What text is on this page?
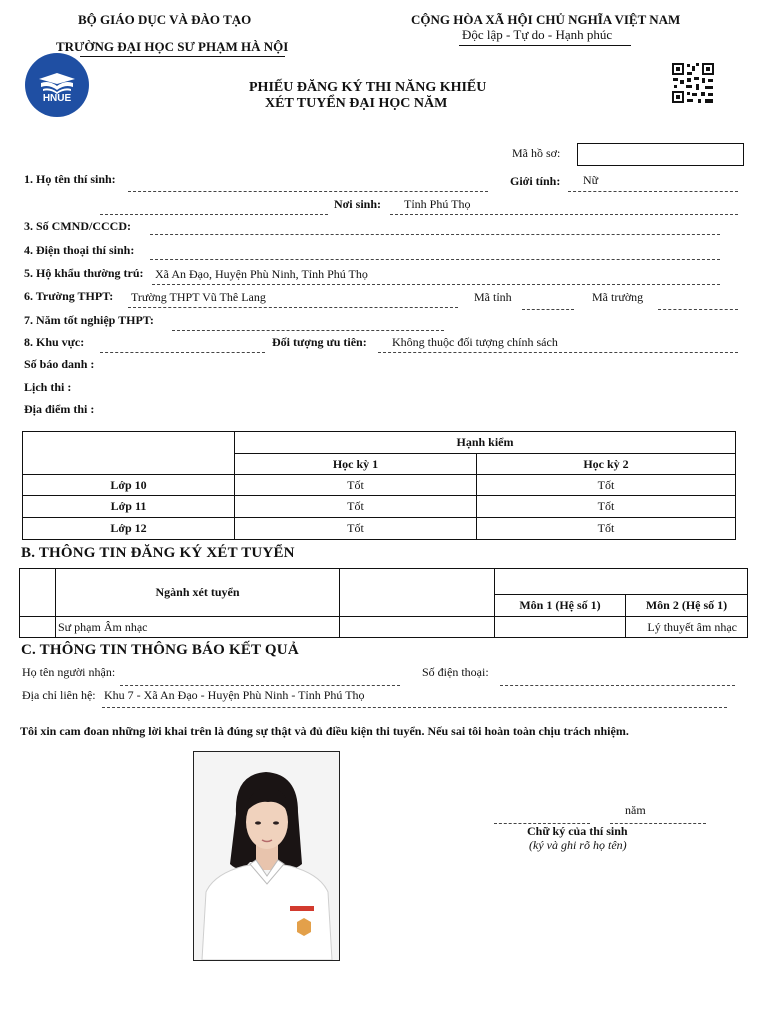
BỘ GIÁO DỤC VÀ ĐÀO TẠO
TRƯỜNG ĐẠI HỌC SƯ PHẠM HÀ NỘI
CỘNG HÒA XÃ HỘI CHỦ NGHĨA VIỆT NAM
Độc lập - Tự do - Hạnh phúc
HNUE
PHIẾU ĐĂNG KÝ THI NĂNG KHIẾU
XÉT TUYỂN ĐẠI HỌC NĂM
Mã hồ sơ:
1. Họ tên thí sinh:	Giới tính: Nữ
Nơi sinh: Tỉnh Phú Thọ
3. Số CMND/CCCD:
4. Điện thoại thí sinh:
5. Hộ khẩu thường trú: Xã An Đạo, Huyện Phù Ninh, Tỉnh Phú Thọ
6. Trường THPT: Trường THPT Vũ Thê Lang	Mã tỉnh	Mã trường
7. Năm tốt nghiệp THPT:
8. Khu vực:	Đối tượng ưu tiên: Không thuộc đối tượng chính sách
Số báo danh :
Lịch thi :
Địa điểm thi :
	Hạnh kiểm	
	Học kỳ 1	Học kỳ 2
Lớp 10	Tốt	Tốt
Lớp 11	Tốt	Tốt
Lớp 12	Tốt	Tốt
B. THÔNG TIN ĐĂNG KÝ XÉT TUYỂN
	Ngành xét tuyển			
			Môn 1 (Hệ số 1)	Môn 2 (Hệ số 1)
	Sư phạm Âm nhạc			Lý thuyết âm nhạc
C. THÔNG TIN THÔNG BÁO KẾT QUẢ
Họ tên người nhận:	Số điện thoại:
Địa chỉ liên hệ: Khu 7 - Xã An Đạo - Huyện Phù Ninh - Tỉnh Phú Thọ
Tôi xin cam đoan những lời khai trên là đúng sự thật và đủ điều kiện thi tuyển. Nếu sai tôi hoàn toàn chịu trách nhiệm.
năm
Chữ ký của thí sinh
(ký và ghi rõ họ tên)
